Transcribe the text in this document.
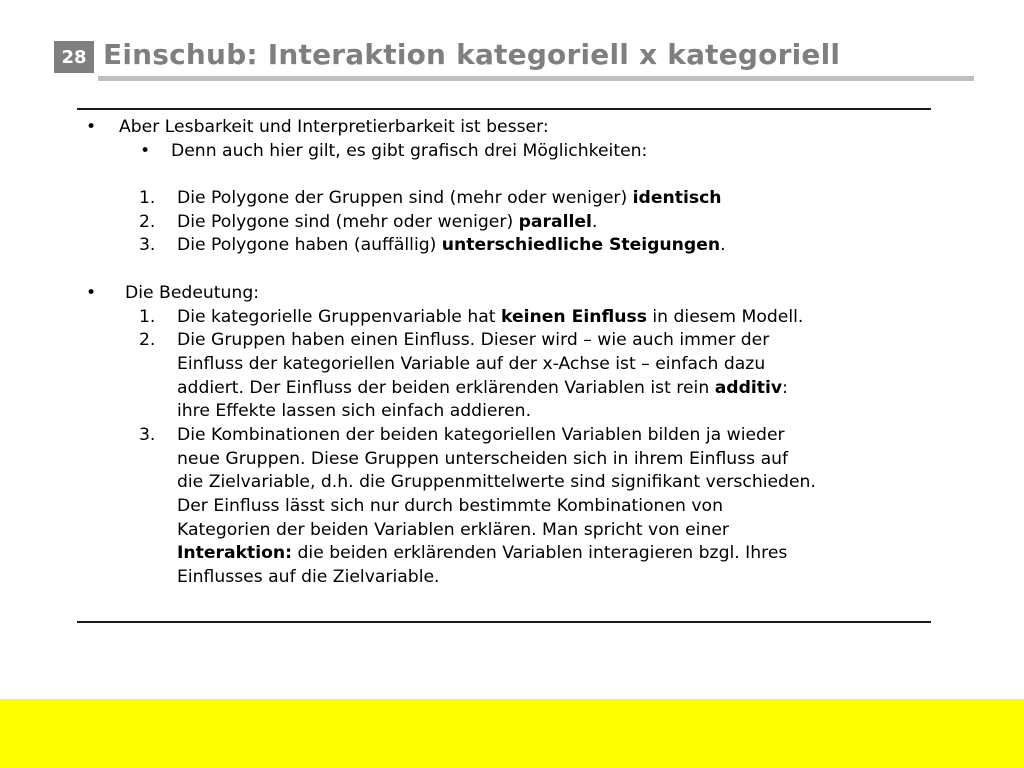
28 Einschub: Interaktion kategoriell x kategoriell
• Aber Lesbarkeit und Interpretierbarkeit ist besser:
• Denn auch hier gilt, es gibt grafisch drei Möglichkeiten:
1. Die Polygone der Gruppen sind (mehr oder weniger) identisch
2. Die Polygone sind (mehr oder weniger) parallel.
3. Die Polygone haben (auffällig) unterschiedliche Steigungen.
• Die Bedeutung:
1. Die kategorielle Gruppenvariable hat keinen Einfluss in diesem Modell.
2. Die Gruppen haben einen Einfluss. Dieser wird – wie auch immer der
Einfluss der kategoriellen Variable auf der x-Achse ist – einfach dazu
addiert. Der Einfluss der beiden erklärenden Variablen ist rein additiv:
ihre Effekte lassen sich einfach addieren.
3. Die Kombinationen der beiden kategoriellen Variablen bilden ja wieder
neue Gruppen. Diese Gruppen unterscheiden sich in ihrem Einfluss auf
die Zielvariable, d.h. die Gruppenmittelwerte sind signifikant verschieden.
Der Einfluss lässt sich nur durch bestimmte Kombinationen von
Kategorien der beiden Variablen erklären. Man spricht von einer
Interaktion: die beiden erklärenden Variablen interagieren bzgl. Ihres
Einflusses auf die Zielvariable.
